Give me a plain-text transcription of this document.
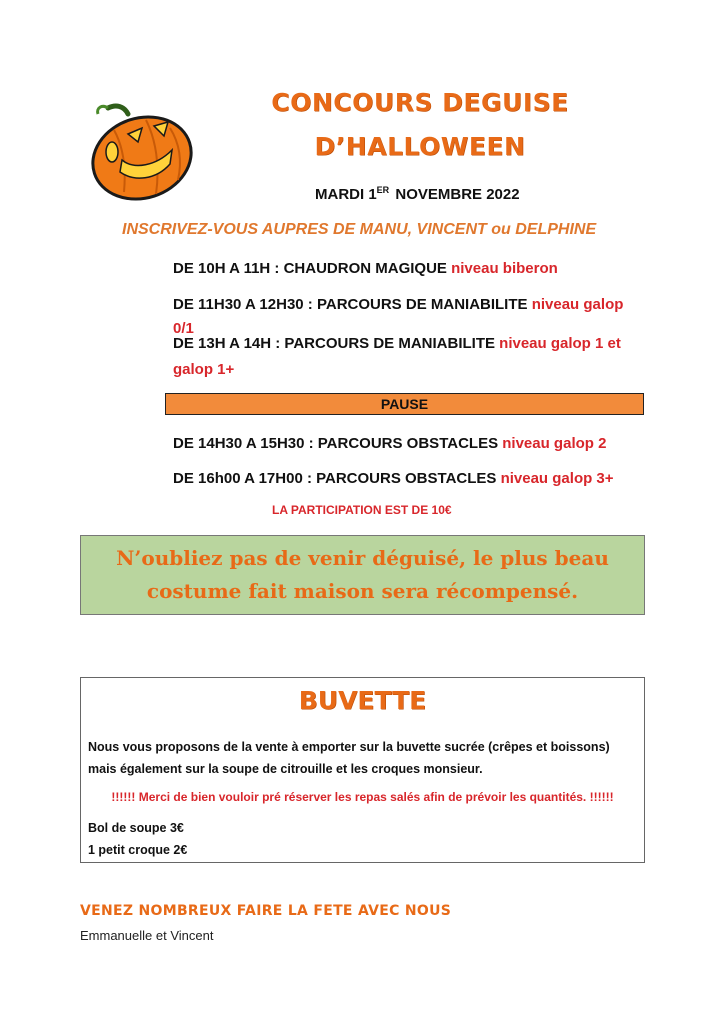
CONCOURS DEGUISE
D’HALLOWEEN
MARDI 1ER NOVEMBRE 2022
INSCRIVEZ-VOUS AUPRES DE MANU, VINCENT ou DELPHINE
DE 10H A 11H : CHAUDRON MAGIQUE niveau biberon
DE 11H30 A 12H30 : PARCOURS DE MANIABILITE niveau galop 0/1
DE 13H A 14H : PARCOURS DE MANIABILITE niveau galop 1 et galop 1+
PAUSE
DE 14H30 A 15H30 : PARCOURS OBSTACLES niveau galop 2
DE 16h00 A 17H00 : PARCOURS OBSTACLES niveau galop 3+
LA PARTICIPATION EST DE 10€
N’oubliez pas de venir déguisé, le plus beau
costume fait maison sera récompensé.
BUVETTE
Nous vous proposons de la vente à emporter sur la buvette sucrée (crêpes et boissons)
mais également sur la soupe de citrouille et les croques monsieur.
!!!!!! Merci de bien vouloir pré réserver les repas salés afin de prévoir les quantités. !!!!!!
Bol de soupe 3€
1 petit croque 2€
VENEZ NOMBREUX FAIRE LA FETE AVEC NOUS
Emmanuelle et Vincent
